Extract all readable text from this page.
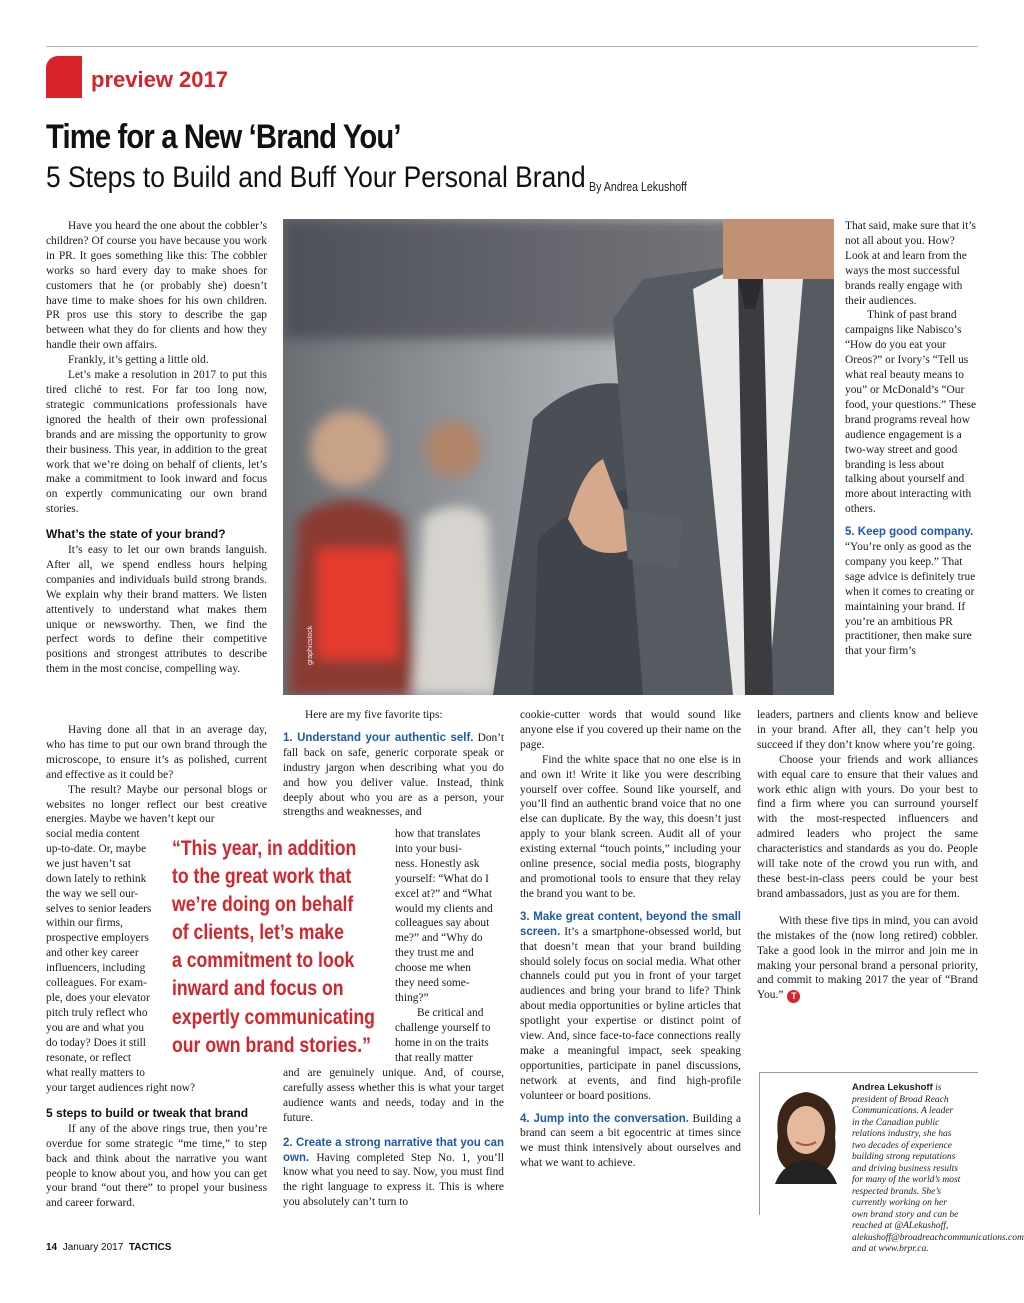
preview 2017
Time for a New ‘Brand You’
5 Steps to Build and Buff Your Personal Brand By Andrea Lekushoff

Have you heard the one about the cobbler’s children? Of course you have because you work in PR. It goes something like this: The cobbler works so hard every day to make shoes for customers that he (or probably she) doesn’t have time to make shoes for his own children. PR pros use this story to describe the gap between what they do for clients and how they handle their own affairs.

Frankly, it’s getting a little old.

Let’s make a resolution in 2017 to put this tired cliché to rest. For far too long now, strategic communications professionals have ignored the health of their own professional brands and are missing the opportunity to grow their business. This year, in addition to the great work that we’re doing on behalf of clients, let’s make a commitment to look inward and focus on expertly communicating our own brand stories.

What’s the state of your brand?

It’s easy to let our own brands languish. After all, we spend endless hours helping companies and individuals build strong brands. We explain why their brand matters. We listen attentively to understand what makes them unique or newsworthy. Then, we find the perfect words to define their competitive positions and strongest attributes to describe them in the most concise, compelling way.

Having done all that in an average day, who has time to put our own brand through the microscope, to ensure it’s as polished, current and effective as it could be?

The result? Maybe our personal blogs or websites no longer reflect our best creative energies. Maybe we haven’t kept our

social media content
up-to-date. Or, maybe
we just haven’t sat
down lately to rethink
the way we sell our-
selves to senior leaders
within our firms,
prospective employers
and other key career
influencers, including
colleagues. For exam-
ple, does your elevator
pitch truly reflect who
you are and what you
do today? Does it still
resonate, or reflect
what really matters to
your target audiences right now?
5 steps to build or tweak that brand

If any of the above rings true, then you’re overdue for some strategic “me time,” to step back and think about the narrative you want people to know about you, and how you can get your brand “out there” to propel your business and career forward.

graphicstock
“This year, in addition
to the great work that
we’re doing on behalf
of clients, let’s make
a commitment to look
inward and focus on
expertly communicating
our own brand stories.”

Here are my five favorite tips:

1. Understand your authentic self. Don’t fall back on safe, generic corporate speak or industry jargon when describing what you do and how you deliver value. Instead, think deeply about who you are as a person, your strengths and weaknesses, and

how that translates
into your busi-
ness. Honestly ask
yourself: “What do I
excel at?” and “What
would my clients and
colleagues say about
me?” and “Why do
they trust me and
choose me when
they need some-
thing?”
Be critical and
challenge yourself to
home in on the traits
that really matter

and are genuinely unique. And, of course, carefully assess whether this is what your target audience wants and needs, today and in the future.

2. Create a strong narrative that you can own. Having completed Step No. 1, you’ll know what you need to say. Now, you must find the right language to express it. This is where you absolutely can’t turn to

cookie-cutter words that would sound like anyone else if you covered up their name on the page.

Find the white space that no one else is in and own it! Write it like you were describing yourself over coffee. Sound like yourself, and you’ll find an authentic brand voice that no one else can duplicate. By the way, this doesn’t just apply to your blank screen. Audit all of your existing external “touch points,” including your online presence, social media posts, biography and promotional tools to ensure that they relay the brand you want to be.

3. Make great content, beyond the small screen. It’s a smartphone-obsessed world, but that doesn’t mean that your brand building should solely focus on social media. What other channels could put you in front of your target audiences and bring your brand to life? Think about media opportunities or byline articles that spotlight your expertise or distinct point of view. And, since face-to-face connections really make a meaningful impact, seek speaking opportunities, participate in panel discussions, network at events, and find high-profile volunteer or board positions.

4. Jump into the conversation. Building a brand can seem a bit egocentric at times since we must think intensively about ourselves and what we want to achieve.

That said, make sure that it’s not all about you. How? Look at and learn from the ways the most successful brands really engage with their audiences.

Think of past brand campaigns like Nabisco’s “How do you eat your Oreos?” or Ivory’s “Tell us what real beauty means to you” or McDonald’s “Our food, your questions.” These brand programs reveal how audience engagement is a two-way street and good branding is less about talking about yourself and more about interacting with others.

5. Keep good company.

“You’re only as good as the company you keep.” That sage advice is definitely true when it comes to creating or maintaining your brand. If you’re an ambitious PR practitioner, then make sure that your firm’s

leaders, partners and clients know and believe in your brand. After all, they can’t help you succeed if they don’t know where you’re going.

Choose your friends and work alliances with equal care to ensure that their values and work ethic align with yours. Do your best to find a firm where you can surround yourself with the most-respected influencers and admired leaders who project the same characteristics and standards as you do. People will take note of the crowd you run with, and these best-in-class peers could be your best brand ambassadors, just as you are for them.

With these five tips in mind, you can avoid the mistakes of the (now long retired) cobbler. Take a good look in the mirror and join me in making your personal brand a personal priority, and commit to making 2017 the year of “Brand You.” T

Andrea Lekushoff is president of Broad Reach Communications. A leader in the Canadian public relations industry, she has two decades of experience building strong reputations and driving business results for many of the world’s most respected brands. She’s currently working on her own brand story and can be reached at @ALekushoff, alekushoff@broadreachcommunications.com and at www.brpr.ca.
14 January 2017 TACTICS
